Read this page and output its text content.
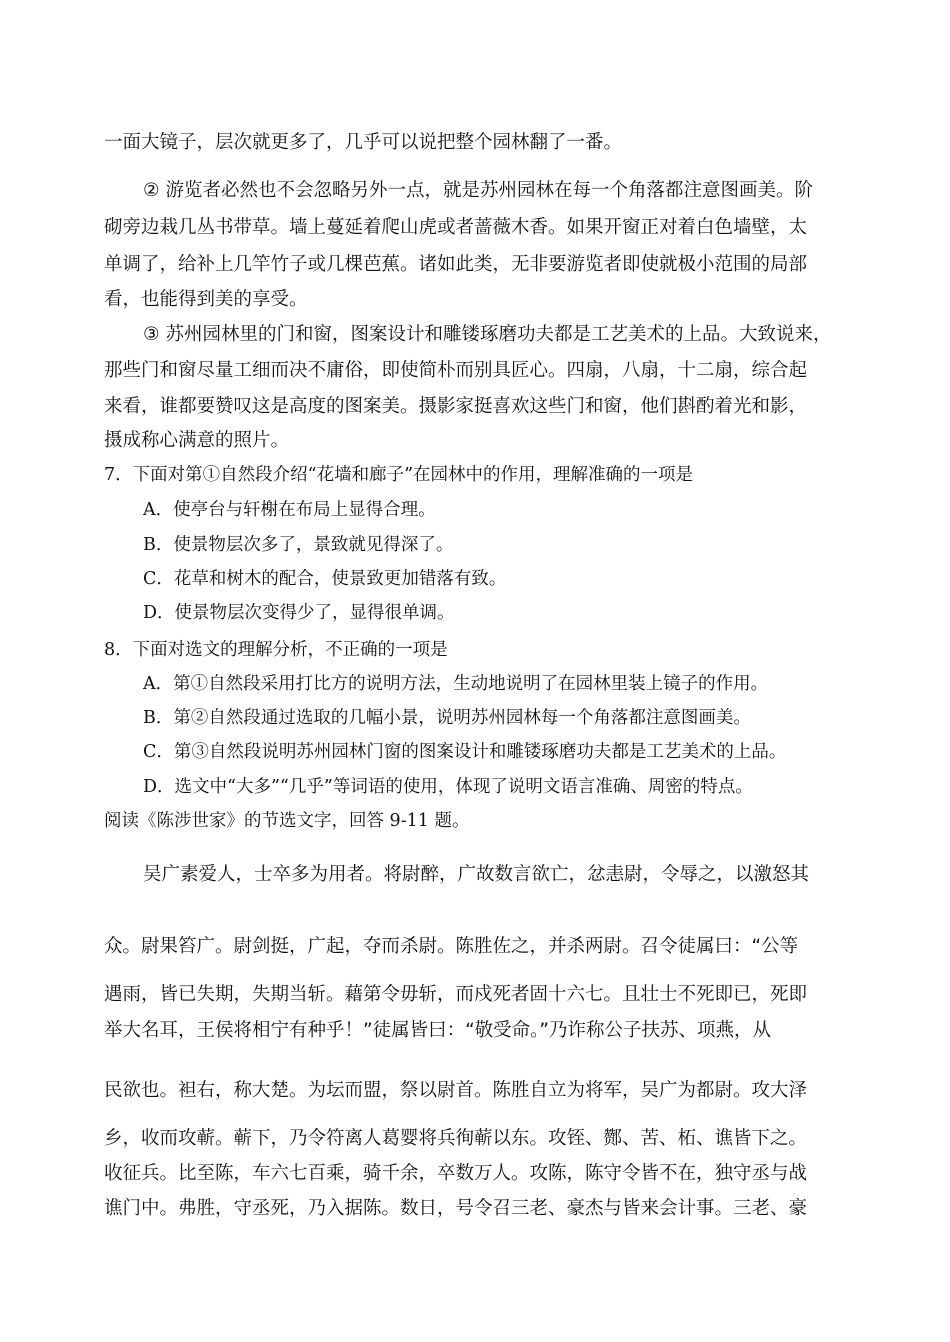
一面大镜子，层次就更多了，几乎可以说把整个园林翻了一番。
② 游览者必然也不会忽略另外一点，就是苏州园林在每一个角落都注意图画美。阶
砌旁边栽几丛书带草。墙上蔓延着爬山虎或者蔷薇木香。如果开窗正对着白色墙壁，太
单调了，给补上几竿竹子或几棵芭蕉。诸如此类，无非要游览者即使就极小范围的局部
看，也能得到美的享受。
③ 苏州园林里的门和窗，图案设计和雕镂琢磨功夫都是工艺美术的上品。大致说来，
那些门和窗尽量工细而决不庸俗，即使简朴而别具匠心。四扇，八扇，十二扇，综合起
来看，谁都要赞叹这是高度的图案美。摄影家挺喜欢这些门和窗，他们斟酌着光和影，
摄成称心满意的照片。
7．下面对第①自然段介绍“花墙和廊子”在园林中的作用，理解准确的一项是
A．使亭台与轩榭在布局上显得合理。
B．使景物层次多了，景致就见得深了。
C．花草和树木的配合，使景致更加错落有致。
D．使景物层次变得少了，显得很单调。
8．下面对选文的理解分析，不正确的一项是
A．第①自然段采用打比方的说明方法，生动地说明了在园林里装上镜子的作用。
B．第②自然段通过选取的几幅小景，说明苏州园林每一个角落都注意图画美。
C．第③自然段说明苏州园林门窗的图案设计和雕镂琢磨功夫都是工艺美术的上品。
D．选文中“大多”“几乎”等词语的使用，体现了说明文语言准确、周密的特点。
阅读《陈涉世家》的节选文字，回答 9-11 题。
吴广素爱人，士卒多为用者。将尉醉，广故数言欲亡，忿恚尉，令辱之，以激怒其
众。尉果笞广。尉剑挺，广起，夺而杀尉。陈胜佐之，并杀两尉。召令徒属曰：“公等
遇雨，皆已失期，失期当斩。藉第令毋斩，而戍死者固十六七。且壮士不死即已，死即
举大名耳，王侯将相宁有种乎！”徒属皆曰：“敬受命。”乃诈称公子扶苏、项燕，从
民欲也。袒右，称大楚。为坛而盟，祭以尉首。陈胜自立为将军，吴广为都尉。攻大泽
乡，收而攻蕲。蕲下，乃令符离人葛婴将兵徇蕲以东。攻铚、酂、苦、柘、谯皆下之。
收征兵。比至陈，车六七百乘，骑千余，卒数万人。攻陈，陈守令皆不在，独守丞与战
谯门中。弗胜，守丞死，乃入据陈。数日，号令召三老、豪杰与皆来会计事。三老、豪
